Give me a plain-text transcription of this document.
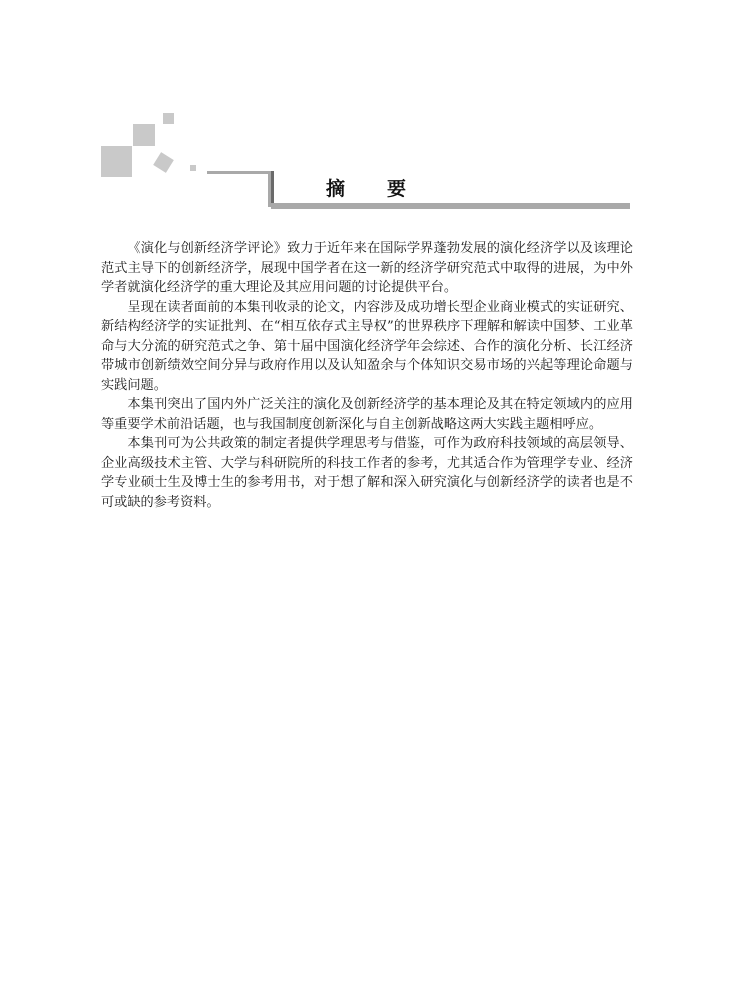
摘要

《演化与创新经济学评论》致力于近年来在国际学界蓬勃发展的演化经济学以及该理论范式主导下的创新经济学，展现中国学者在这一新的经济学研究范式中取得的进展，为中外学者就演化经济学的重大理论及其应用问题的讨论提供平台。

呈现在读者面前的本集刊收录的论文，内容涉及成功增长型企业商业模式的实证研究、新结构经济学的实证批判、在“相互依存式主导权”的世界秩序下理解和解读中国梦、工业革命与大分流的研究范式之争、第十届中国演化经济学年会综述、合作的演化分析、长江经济带城市创新绩效空间分异与政府作用以及认知盈余与个体知识交易市场的兴起等理论命题与实践问题。

本集刊突出了国内外广泛关注的演化及创新经济学的基本理论及其在特定领域内的应用等重要学术前沿话题，也与我国制度创新深化与自主创新战略这两大实践主题相呼应。

本集刊可为公共政策的制定者提供学理思考与借鉴，可作为政府科技领域的高层领导、企业高级技术主管、大学与科研院所的科技工作者的参考，尤其适合作为管理学专业、经济学专业硕士生及博士生的参考用书，对于想了解和深入研究演化与创新经济学的读者也是不可或缺的参考资料。
